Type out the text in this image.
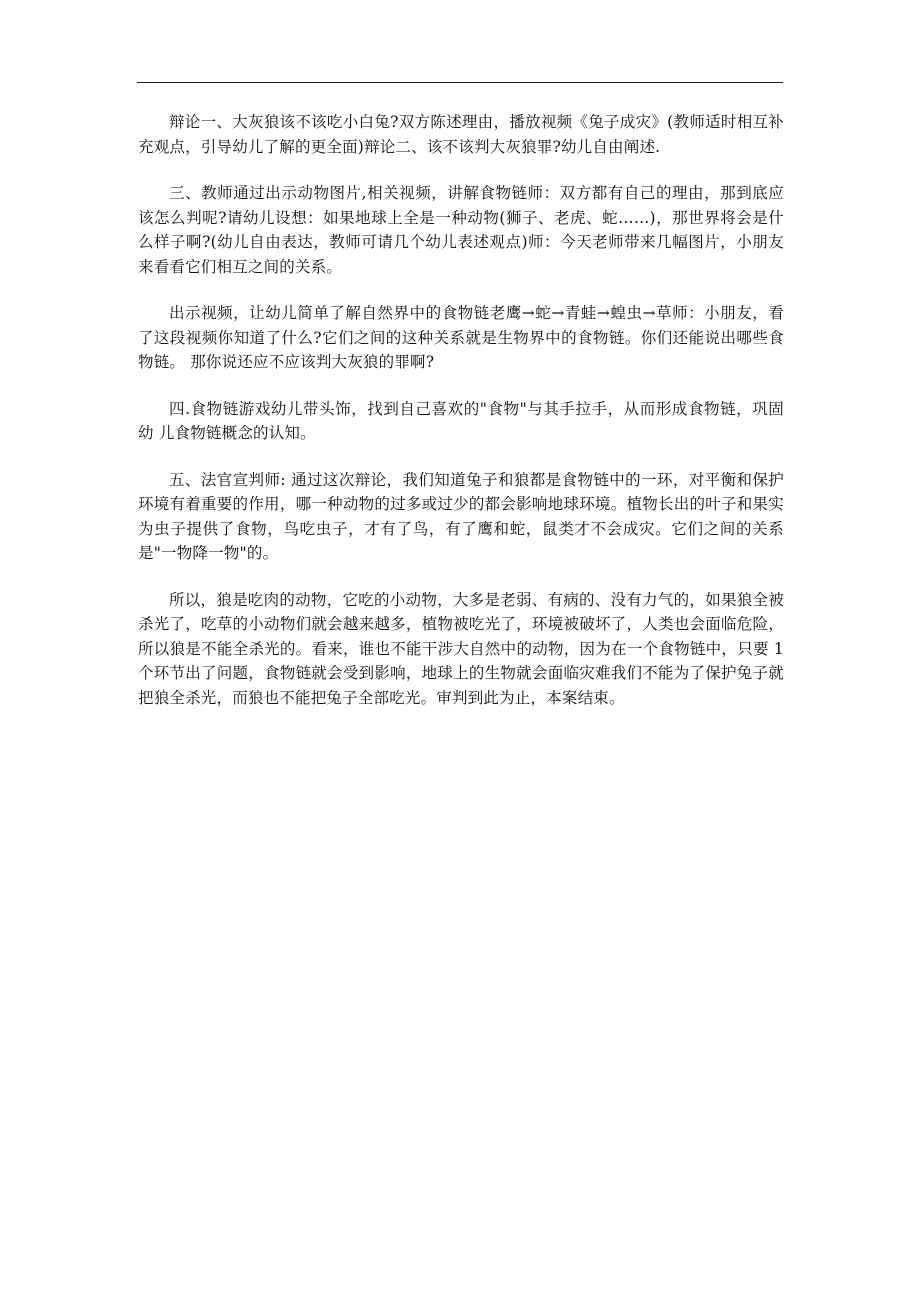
辩论一、大灰狼该不该吃小白兔?双方陈述理由，播放视频《兔子成灾》(教师适时相互补充观点，引导幼儿了解的更全面)辩论二、该不该判大灰狼罪?幼儿自由阐述.

三、教师通过出示动物图片,相关视频，讲解食物链师：双方都有自己的理由，那到底应该怎么判呢?请幼儿设想：如果地球上全是一种动物(狮子、老虎、蛇……)，那世界将会是什么样子啊?(幼儿自由表达，教师可请几个幼儿表述观点)师：今天老师带来几幅图片，小朋友来看看它们相互之间的关系。

出示视频，让幼儿简单了解自然界中的食物链老鹰→蛇→青蛙→蝗虫→草师：小朋友，看了这段视频你知道了什么?它们之间的这种关系就是生物界中的食物链。你们还能说出哪些食物链。 那你说还应不应该判大灰狼的罪啊?

四.食物链游戏幼儿带头饰，找到自己喜欢的"食物"与其手拉手，从而形成食物链，巩固幼 儿食物链概念的认知。

五、法官宣判师: 通过这次辩论，我们知道兔子和狼都是食物链中的一环，对平衡和保护环境有着重要的作用，哪一种动物的过多或过少的都会影响地球环境。植物长出的叶子和果实为虫子提供了食物，鸟吃虫子，才有了鸟，有了鹰和蛇，鼠类才不会成灾。它们之间的关系是"一物降一物"的。

所以，狼是吃肉的动物，它吃的小动物，大多是老弱、有病的、没有力气的，如果狼全被杀光了，吃草的小动物们就会越来越多，植物被吃光了，环境被破坏了，人类也会面临危险，所以狼是不能全杀光的。看来，谁也不能干涉大自然中的动物，因为在一个食物链中，只要 1 个环节出了问题，食物链就会受到影响，地球上的生物就会面临灾难我们不能为了保护兔子就把狼全杀光，而狼也不能把兔子全部吃光。审判到此为止，本案结束。
